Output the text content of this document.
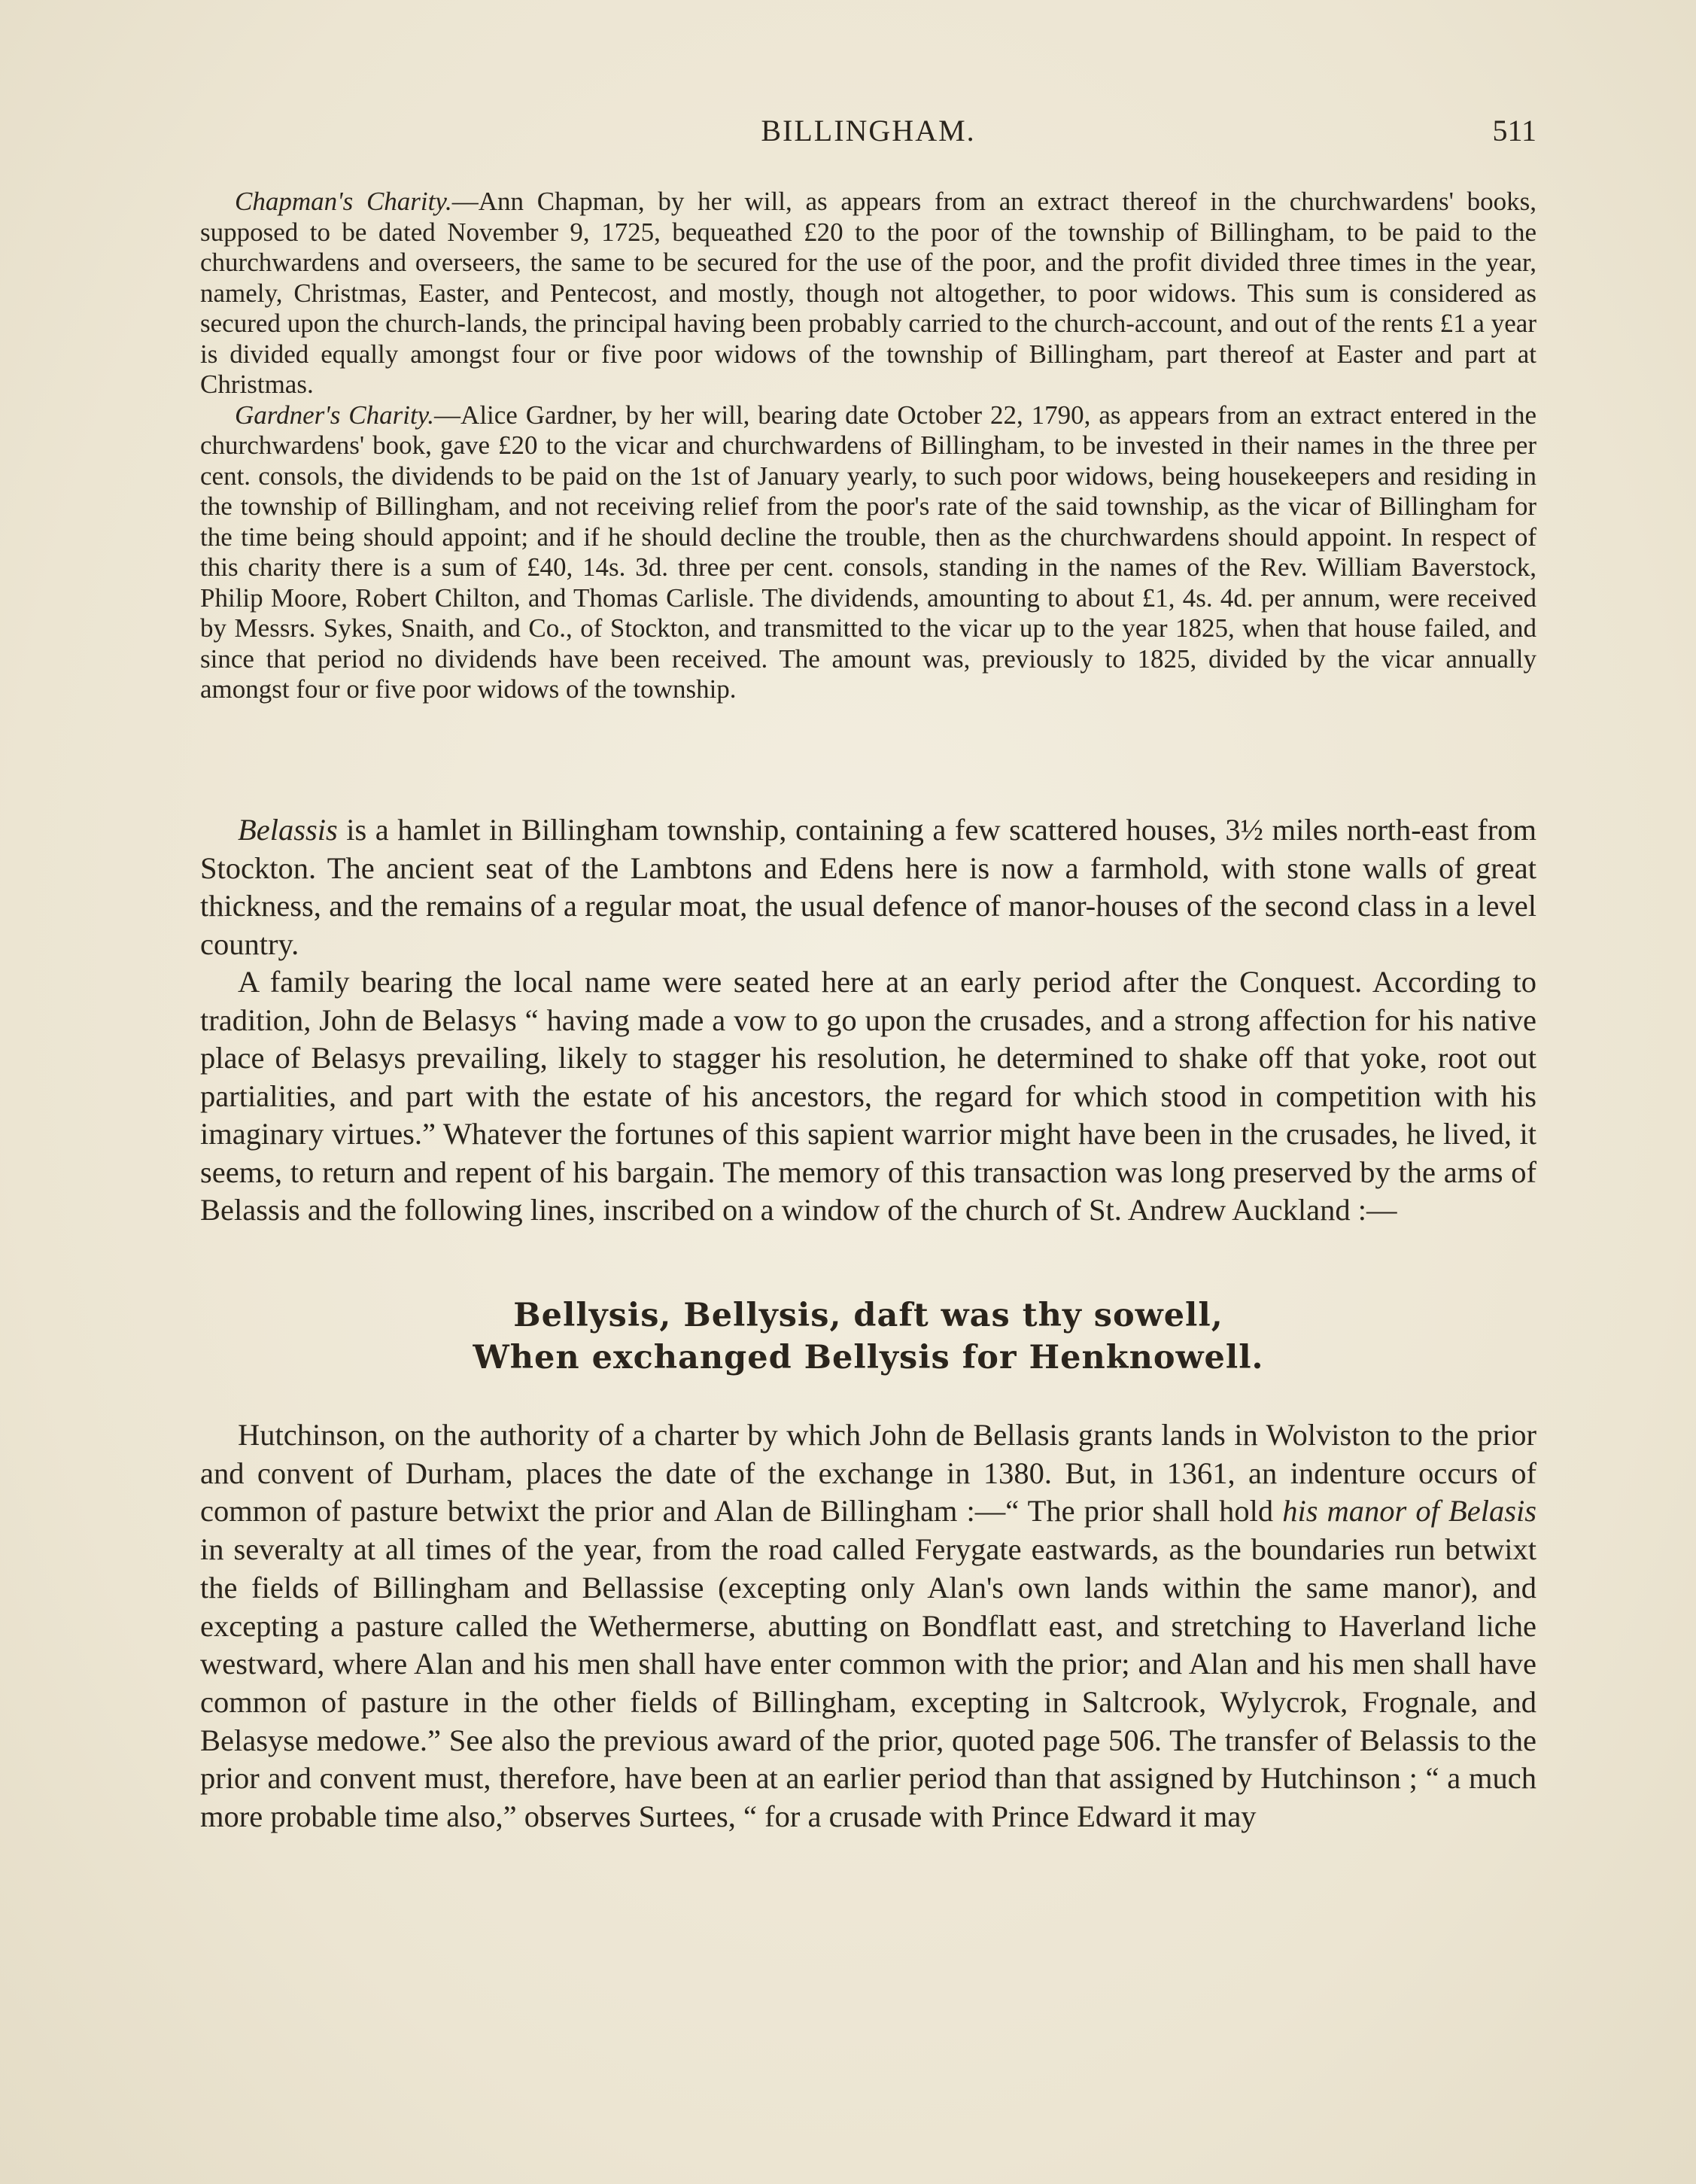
BILLINGHAM.	511

Chapman's Charity.—Ann Chapman, by her will, as appears from an extract thereof in the churchwardens' books, supposed to be dated November 9, 1725, bequeathed £20 to the poor of the township of Billingham, to be paid to the churchwardens and overseers, the same to be secured for the use of the poor, and the profit divided three times in the year, namely, Christmas, Easter, and Pentecost, and mostly, though not altogether, to poor widows. This sum is considered as secured upon the church-lands, the principal having been probably carried to the church-account, and out of the rents £1 a year is divided equally amongst four or five poor widows of the township of Billingham, part thereof at Easter and part at Christmas.

Gardner's Charity.—Alice Gardner, by her will, bearing date October 22, 1790, as appears from an extract entered in the churchwardens' book, gave £20 to the vicar and churchwardens of Billingham, to be invested in their names in the three per cent. consols, the dividends to be paid on the 1st of January yearly, to such poor widows, being housekeepers and residing in the township of Billingham, and not receiving relief from the poor's rate of the said township, as the vicar of Billingham for the time being should appoint; and if he should decline the trouble, then as the churchwardens should appoint. In respect of this charity there is a sum of £40, 14s. 3d. three per cent. consols, standing in the names of the Rev. William Baverstock, Philip Moore, Robert Chilton, and Thomas Carlisle. The dividends, amounting to about £1, 4s. 4d. per annum, were received by Messrs. Sykes, Snaith, and Co., of Stockton, and transmitted to the vicar up to the year 1825, when that house failed, and since that period no dividends have been received. The amount was, previously to 1825, divided by the vicar annually amongst four or five poor widows of the township.

Belassis is a hamlet in Billingham township, containing a few scattered houses, 3½ miles north-east from Stockton. The ancient seat of the Lambtons and Edens here is now a farmhold, with stone walls of great thickness, and the remains of a regular moat, the usual defence of manor-houses of the second class in a level country.

A family bearing the local name were seated here at an early period after the Conquest. According to tradition, John de Belasys “ having made a vow to go upon the crusades, and a strong affection for his native place of Belasys prevailing, likely to stagger his resolution, he determined to shake off that yoke, root out partialities, and part with the estate of his ancestors, the regard for which stood in competition with his imaginary virtues.” Whatever the fortunes of this sapient warrior might have been in the crusades, he lived, it seems, to return and repent of his bargain. The memory of this transaction was long preserved by the arms of Belassis and the following lines, inscribed on a window of the church of St. Andrew Auckland :—

Bellysis, Bellysis, daft was thy sowell,
When exchanged Bellysis for Henknowell.

Hutchinson, on the authority of a charter by which John de Bellasis grants lands in Wolviston to the prior and convent of Durham, places the date of the exchange in 1380. But, in 1361, an indenture occurs of common of pasture betwixt the prior and Alan de Billingham :—“ The prior shall hold his manor of Belasis in severalty at all times of the year, from the road called Ferygate eastwards, as the boundaries run betwixt the fields of Billingham and Bellassise (excepting only Alan's own lands within the same manor), and excepting a pasture called the Wethermerse, abutting on Bondflatt east, and stretching to Haverland liche westward, where Alan and his men shall have enter common with the prior; and Alan and his men shall have common of pasture in the other fields of Billingham, excepting in Saltcrook, Wylycrok, Frognale, and Belasyse medowe.” See also the previous award of the prior, quoted page 506. The transfer of Belassis to the prior and convent must, therefore, have been at an earlier period than that assigned by Hutchinson ; “ a much more probable time also,” observes Surtees, “ for a crusade with Prince Edward it may
